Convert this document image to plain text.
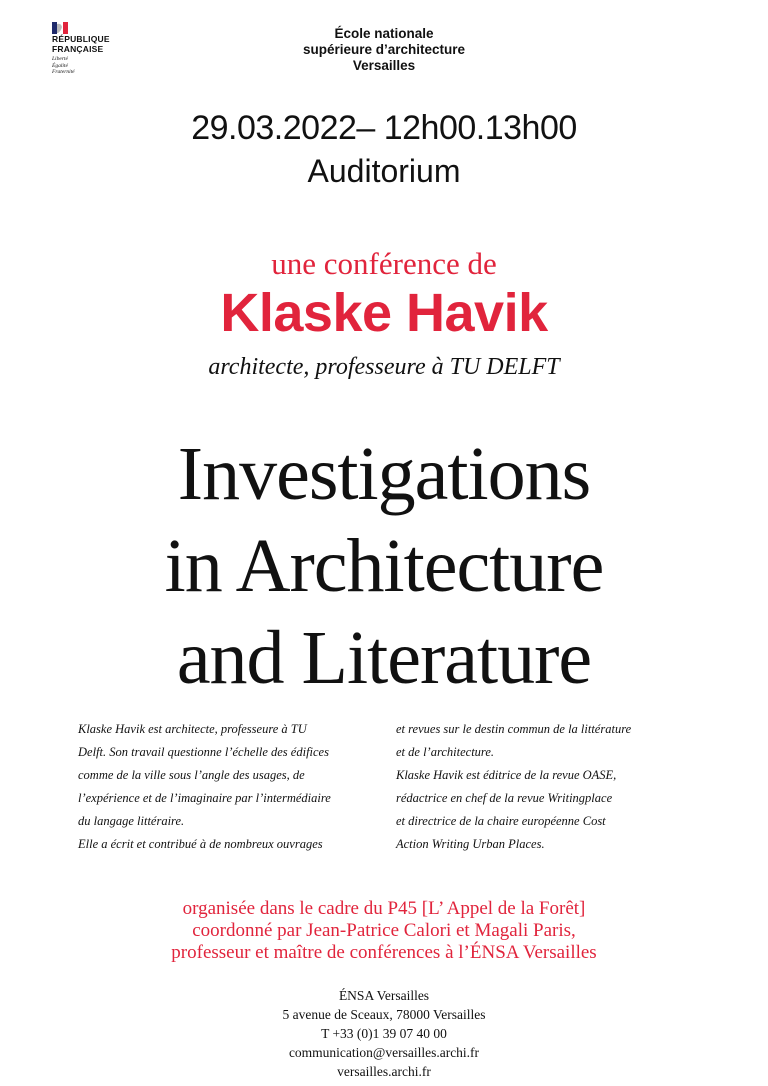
RÉPUBLIQUE
FRANÇAISE
Liberté
Égalité
Fraternité
École nationale
supérieure d’architecture
Versailles
29.03.2022– 12h00.13h00
Auditorium
une conférence de
Klaske Havik
architecte, professeure à TU DELFT
Investigations
in Architecture
and Literature
Klaske Havik est architecte, professeure à TU
Delft. Son travail questionne l’échelle des édifices
comme de la ville sous l’angle des usages, de
l’expérience et de l’imaginaire par l’intermédiaire
du langage littéraire.
Elle a écrit et contribué à de nombreux ouvrages
et revues sur le destin commun de la littérature
et de l’architecture.
Klaske Havik est éditrice de la revue OASE,
rédactrice en chef de la revue Writingplace
et directrice de la chaire européenne Cost
Action Writing Urban Places.
organisée dans le cadre du P45 [L’ Appel de la Forêt]
coordonné par Jean-Patrice Calori et Magali Paris,
professeur et maître de conférences à l’ÉNSA Versailles
ÉNSA Versailles
5 avenue de Sceaux, 78000 Versailles
T +33 (0)1 39 07 40 00
communication@versailles.archi.fr
versailles.archi.fr
